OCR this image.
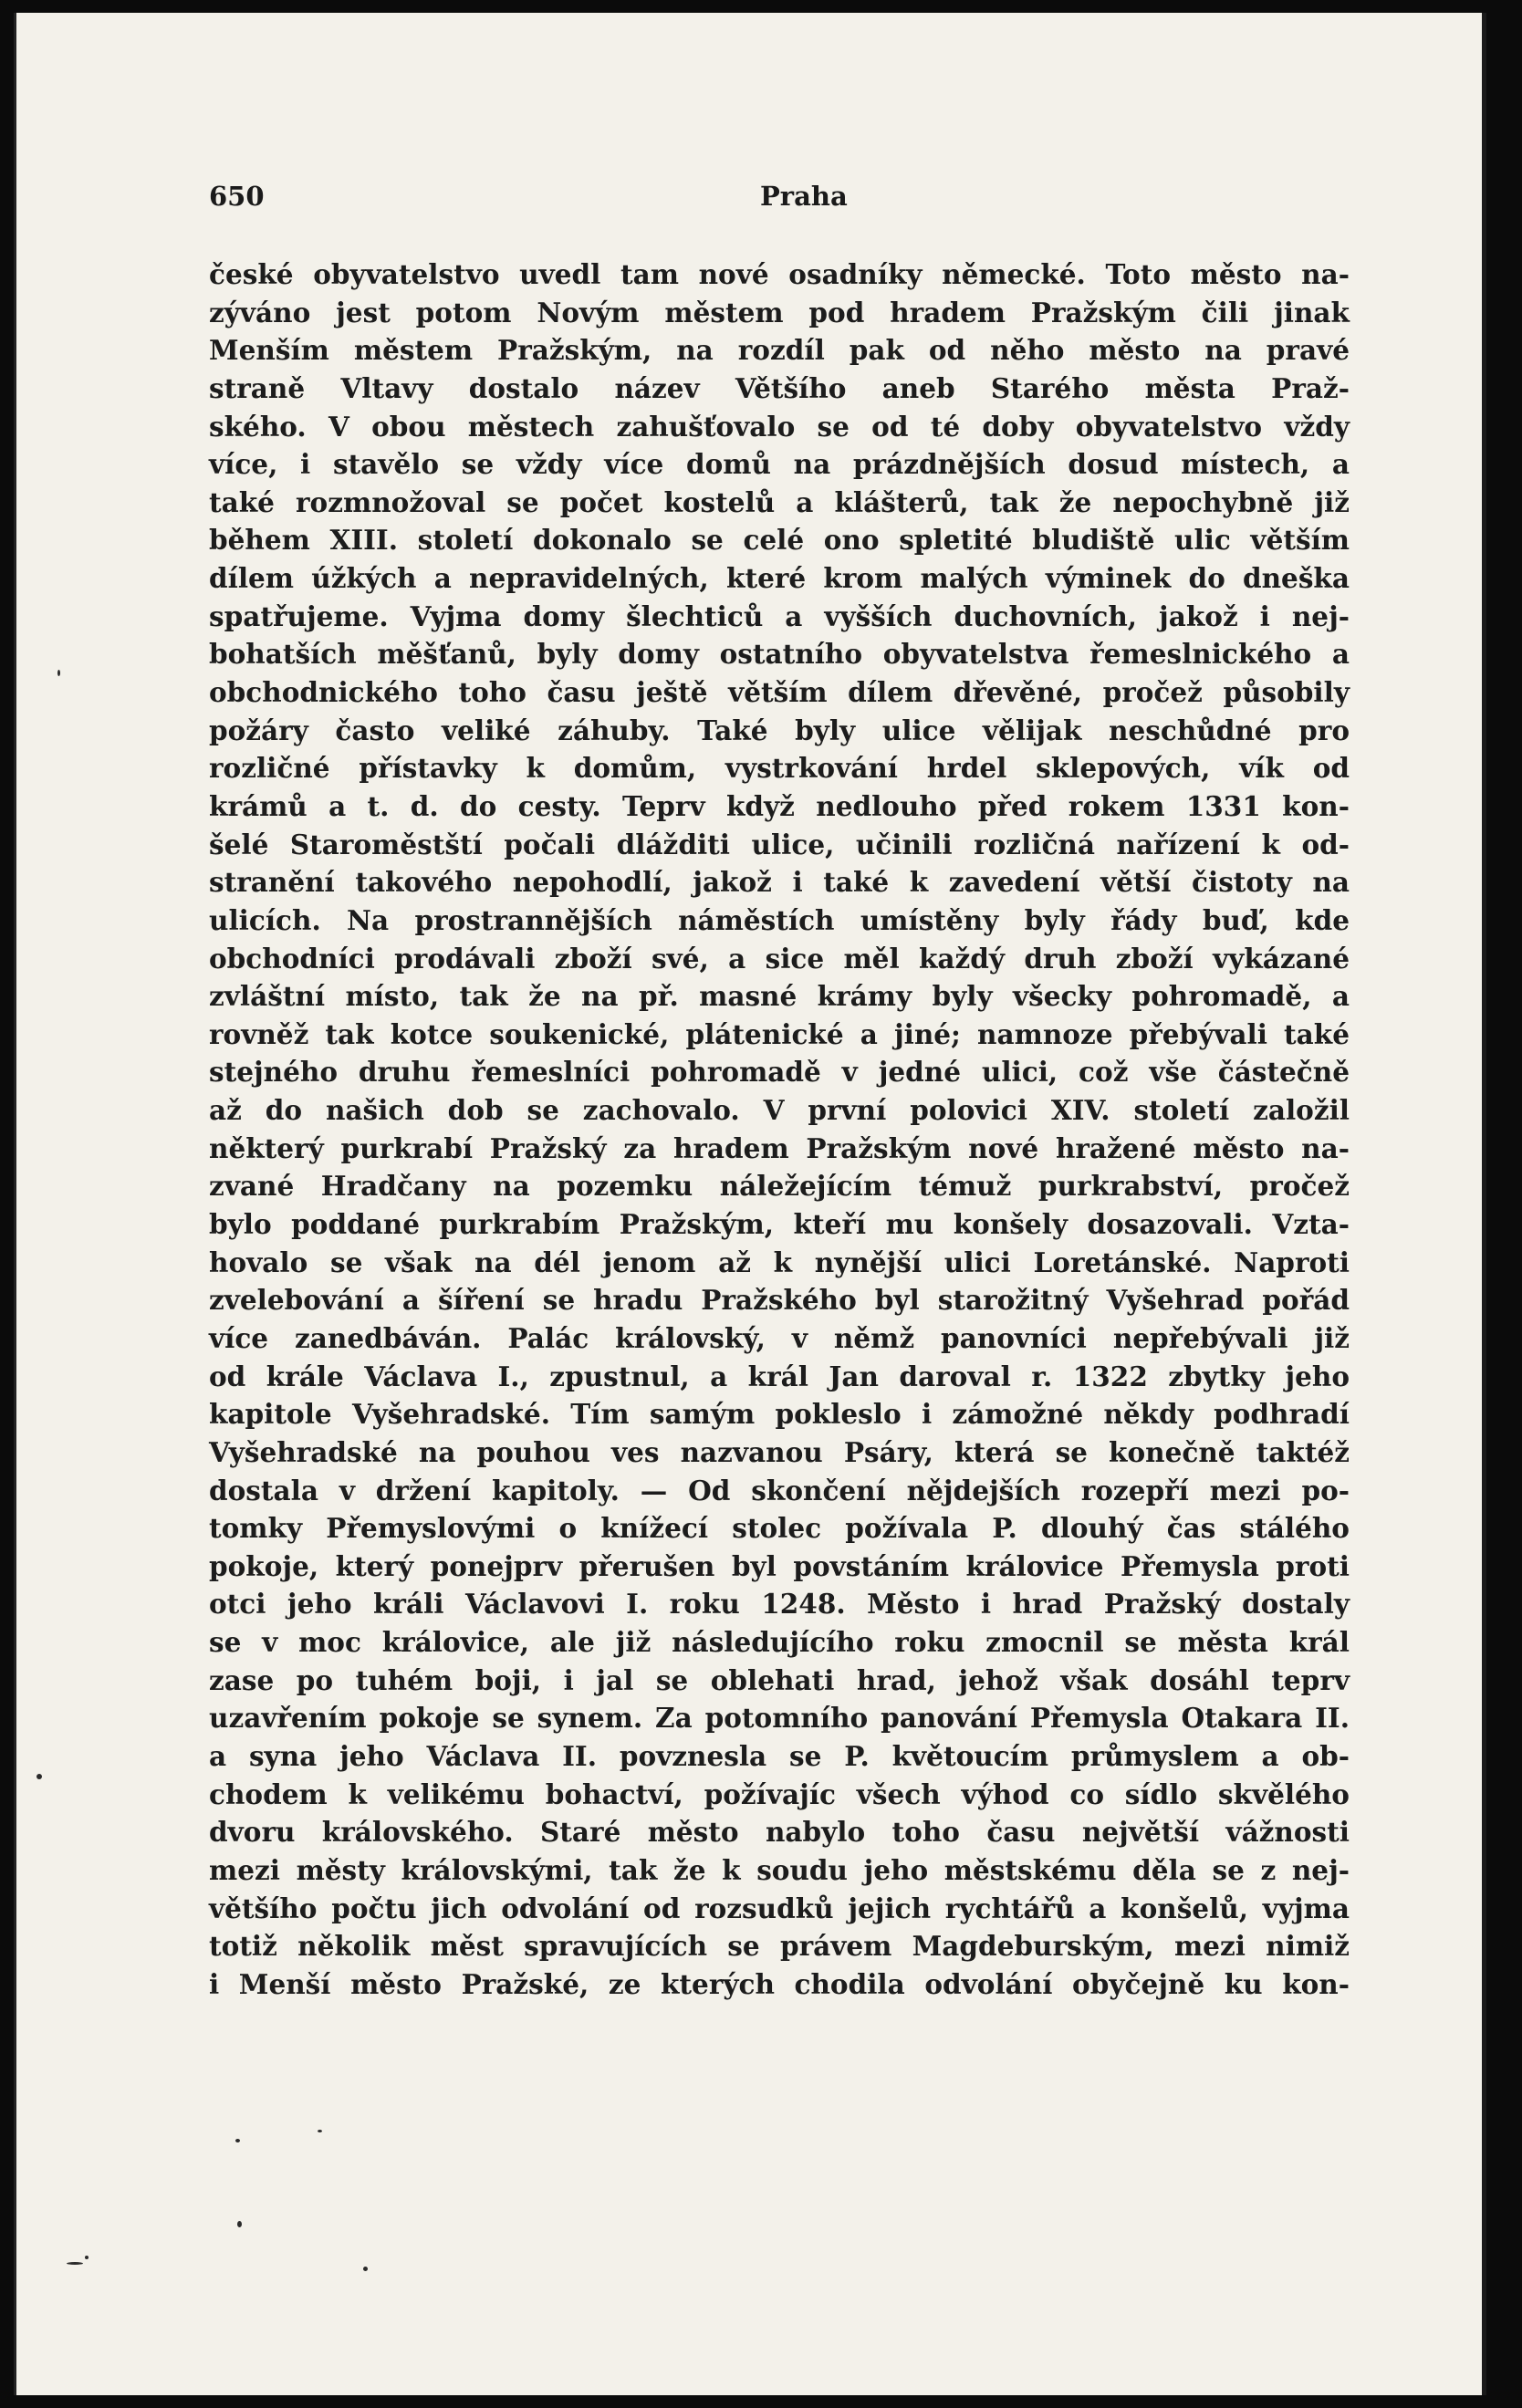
650	Praha
české obyvatelstvo uvedl tam nové osadníky německé. Toto město na-
zýváno jest potom Novým městem pod hradem Pražským čili jinak
Menším městem Pražským, na rozdíl pak od něho město na pravé
straně Vltavy dostalo název Většího aneb Starého města Praž-
ského. V obou městech zahušťovalo se od té doby obyvatelstvo vždy
více, i stavělo se vždy více domů na prázdnějších dosud místech, a
také rozmnožoval se počet kostelů a klášterů, tak že nepochybně již
během XIII. století dokonalo se celé ono spletité bludiště ulic větším
dílem úžkých a nepravidelných, které krom malých výminek do dneška
spatřujeme. Vyjma domy šlechticů a vyšších duchovních, jakož i nej-
bohatších měšťanů, byly domy ostatního obyvatelstva řemeslnického a
obchodnického toho času ještě větším dílem dřevěné, pročež působily
požáry často veliké záhuby. Také byly ulice vělijak neschůdné pro
rozličné přístavky k domům, vystrkování hrdel sklepových, vík od
krámů a t. d. do cesty. Teprv když nedlouho před rokem 1331 kon-
šelé Staroměstští počali dlážditi ulice, učinili rozličná nařízení k od-
stranění takového nepohodlí, jakož i také k zavedení větší čistoty na
ulicích. Na prostrannějších náměstích umístěny byly řády buď, kde
obchodníci prodávali zboží své, a sice měl každý druh zboží vykázané
zvláštní místo, tak že na př. masné krámy byly všecky pohromadě, a
rovněž tak kotce soukenické, plátenické a jiné; namnoze přebývali také
stejného druhu řemeslníci pohromadě v jedné ulici, což vše částečně
až do našich dob se zachovalo. V první polovici XIV. století založil
některý purkrabí Pražský za hradem Pražským nové hražené město na-
zvané Hradčany na pozemku náležejícím témuž purkrabství, pročež
bylo poddané purkrabím Pražským, kteří mu konšely dosazovali. Vzta-
hovalo se však na dél jenom až k nynější ulici Loretánské. Naproti
zvelebování a šíření se hradu Pražského byl starožitný Vyšehrad pořád
více zanedbáván. Palác královský, v němž panovníci nepřebývali již
od krále Václava I., zpustnul, a král Jan daroval r. 1322 zbytky jeho
kapitole Vyšehradské. Tím samým pokleslo i zámožné někdy podhradí
Vyšehradské na pouhou ves nazvanou Psáry, která se konečně taktéž
dostala v držení kapitoly. — Od skončení nějdejších rozepří mezi po-
tomky Přemyslovými o knížecí stolec požívala P. dlouhý čas stálého
pokoje, který ponejprv přerušen byl povstáním královice Přemysla proti
otci jeho králi Václavovi I. roku 1248. Město i hrad Pražský dostaly
se v moc královice, ale již následujícího roku zmocnil se města král
zase po tuhém boji, i jal se oblehati hrad, jehož však dosáhl teprv
uzavřením pokoje se synem. Za potomního panování Přemysla Otakara II.
a syna jeho Václava II. povznesla se P. květoucím průmyslem a ob-
chodem k velikému bohactví, požívajíc všech výhod co sídlo skvělého
dvoru královského. Staré město nabylo toho času největší vážnosti
mezi městy královskými, tak že k soudu jeho městskému děla se z nej-
většího počtu jich odvolání od rozsudků jejich rychtářů a konšelů, vyjma
totiž několik měst spravujících se právem Magdeburským, mezi nimiž
i Menší město Pražské, ze kterých chodila odvolání obyčejně ku kon-
